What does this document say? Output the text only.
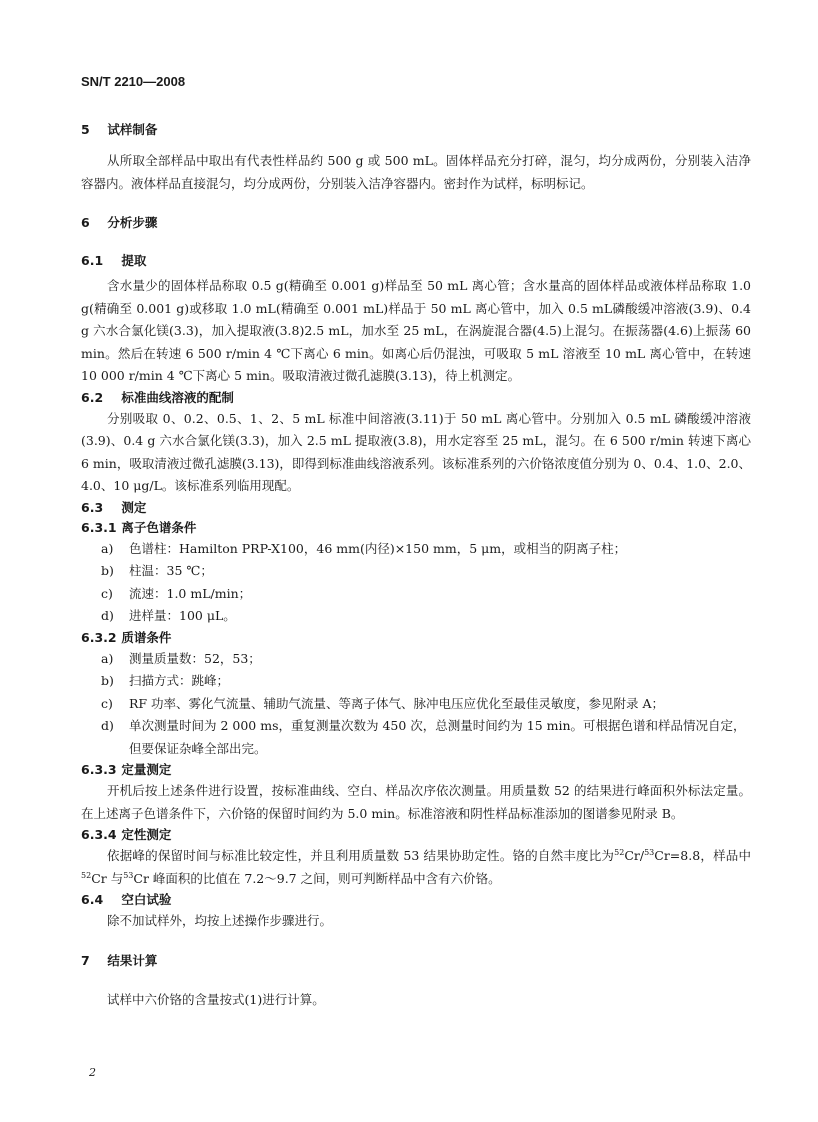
SN/T 2210—2008

5 试样制备

从所取全部样品中取出有代表性样品约 500 g 或 500 mL。固体样品充分打碎，混匀，均分成两份，分别装入洁净容器内。液体样品直接混匀，均分成两份，分别装入洁净容器内。密封作为试样，标明标记。

6 分析步骤

6.1 提取

含水量少的固体样品称取 0.5 g(精确至 0.001 g)样品至 50 mL 离心管；含水量高的固体样品或液体样品称取 1.0 g(精确至 0.001 g)或移取 1.0 mL(精确至 0.001 mL)样品于 50 mL 离心管中，加入 0.5 mL磷酸缓冲溶液(3.9)、0.4 g 六水合氯化镁(3.3)，加入提取液(3.8)2.5 mL，加水至 25 mL，在涡旋混合器(4.5)上混匀。在振荡器(4.6)上振荡 60 min。然后在转速 6 500 r/min 4 ℃下离心 6 min。如离心后仍混浊，可吸取 5 mL 溶液至 10 mL 离心管中，在转速 10 000 r/min 4 ℃下离心 5 min。吸取清液过微孔滤膜(3.13)，待上机测定。

6.2 标准曲线溶液的配制

分别吸取 0、0.2、0.5、1、2、5 mL 标准中间溶液(3.11)于 50 mL 离心管中。分别加入 0.5 mL 磷酸缓冲溶液(3.9)、0.4 g 六水合氯化镁(3.3)，加入 2.5 mL 提取液(3.8)，用水定容至 25 mL，混匀。在 6 500 r/min 转速下离心 6 min，吸取清液过微孔滤膜(3.13)，即得到标准曲线溶液系列。该标准系列的六价铬浓度值分别为 0、0.4、1.0、2.0、4.0、10 μg/L。该标准系列临用现配。

6.3 测定

6.3.1 离子色谱条件

a)	色谱柱：Hamilton PRP-X100，46 mm(内径)×150 mm，5 μm，或相当的阴离子柱；
b)	柱温：35 ℃；
c)	流速：1.0 mL/min；
d)	进样量：100 μL。

6.3.2 质谱条件

a)	测量质量数：52，53；
b)	扫描方式：跳峰；
c)	RF 功率、雾化气流量、辅助气流量、等离子体气、脉冲电压应优化至最佳灵敏度，参见附录 A；
d)	单次测量时间为 2 000 ms，重复测量次数为 450 次，总测量时间约为 15 min。可根据色谱和样品情况自定，但要保证杂峰全部出完。

6.3.3 定量测定

开机后按上述条件进行设置，按标准曲线、空白、样品次序依次测量。用质量数 52 的结果进行峰面积外标法定量。在上述离子色谱条件下，六价铬的保留时间约为 5.0 min。标准溶液和阴性样品标准添加的图谱参见附录 B。

6.3.4 定性测定

依据峰的保留时间与标准比较定性，并且利用质量数 53 结果协助定性。铬的自然丰度比为$^{52}$Cr/$^{53}$Cr=8.8，样品中$^{52}$Cr 与$^{53}$Cr 峰面积的比值在 7.2～9.7 之间，则可判断样品中含有六价铬。

6.4 空白试验

除不加试样外，均按上述操作步骤进行。

7 结果计算

试样中六价铬的含量按式(1)进行计算。

2
